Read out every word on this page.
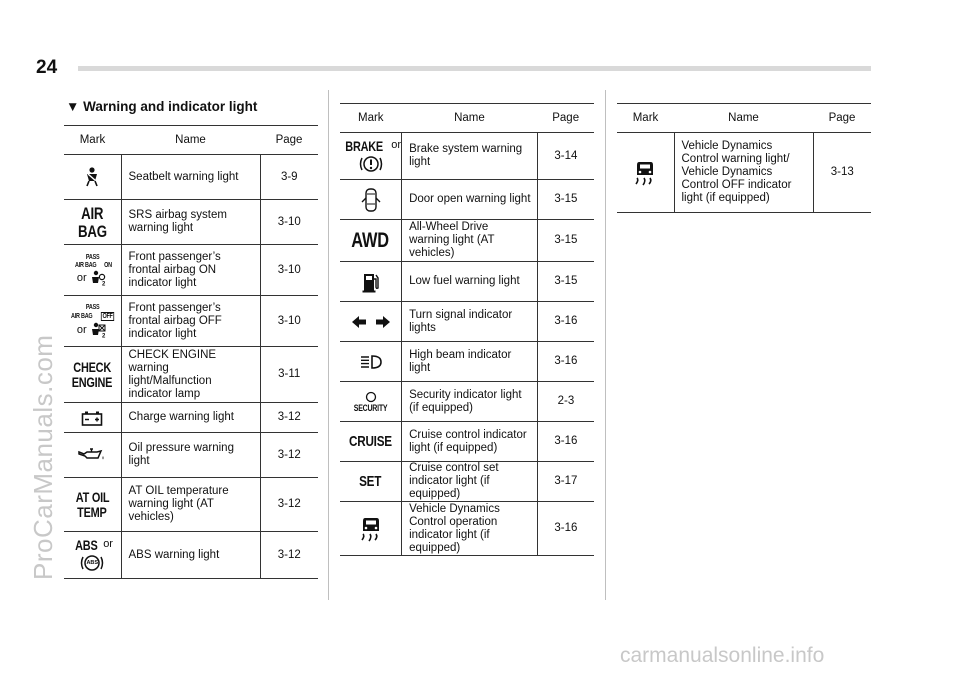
24
▼ Warning and indicator light
Mark	Name	Page

	Seatbelt warning light	3-9

AIR
BAG	SRS airbag system warning light	3-10

PASS
AIR BAG ON
or
2	Front passenger’s frontal airbag ON indicator light	3-10

PASS
AIR BAG OFF
or
2	Front passenger’s frontal airbag OFF indicator light	3-10

CHECK
ENGINE	CHECK ENGINE warning light/Malfunction indicator lamp	3-11

	Charge warning light	3-12

	Oil pressure warning light	3-12

AT OIL
TEMP	AT OIL temperature warning light (AT vehicles)	3-12

ABS or
ABS	ABS warning light	3-12
Mark	Name	Page

BRAKE or	Brake system warning light	3-14

	Door open warning light	3-15

AWD	All-Wheel Drive warning light (AT vehicles)	3-15

	Low fuel warning light	3-15

	Turn signal indicator lights	3-16

	High beam indicator light	3-16

SECURITY	Security indicator light (if equipped)	2-3

CRUISE	Cruise control indicator light (if equipped)	3-16

SET	Cruise control set indicator light (if equipped)	3-17

	Vehicle Dynamics Control operation indicator light (if equipped)	3-16
Mark	Name	Page

	Vehicle Dynamics Control warning light/ Vehicle Dynamics Control OFF indicator light (if equipped)	3-13
ProCarManuals.com
carmanualsonline.info
